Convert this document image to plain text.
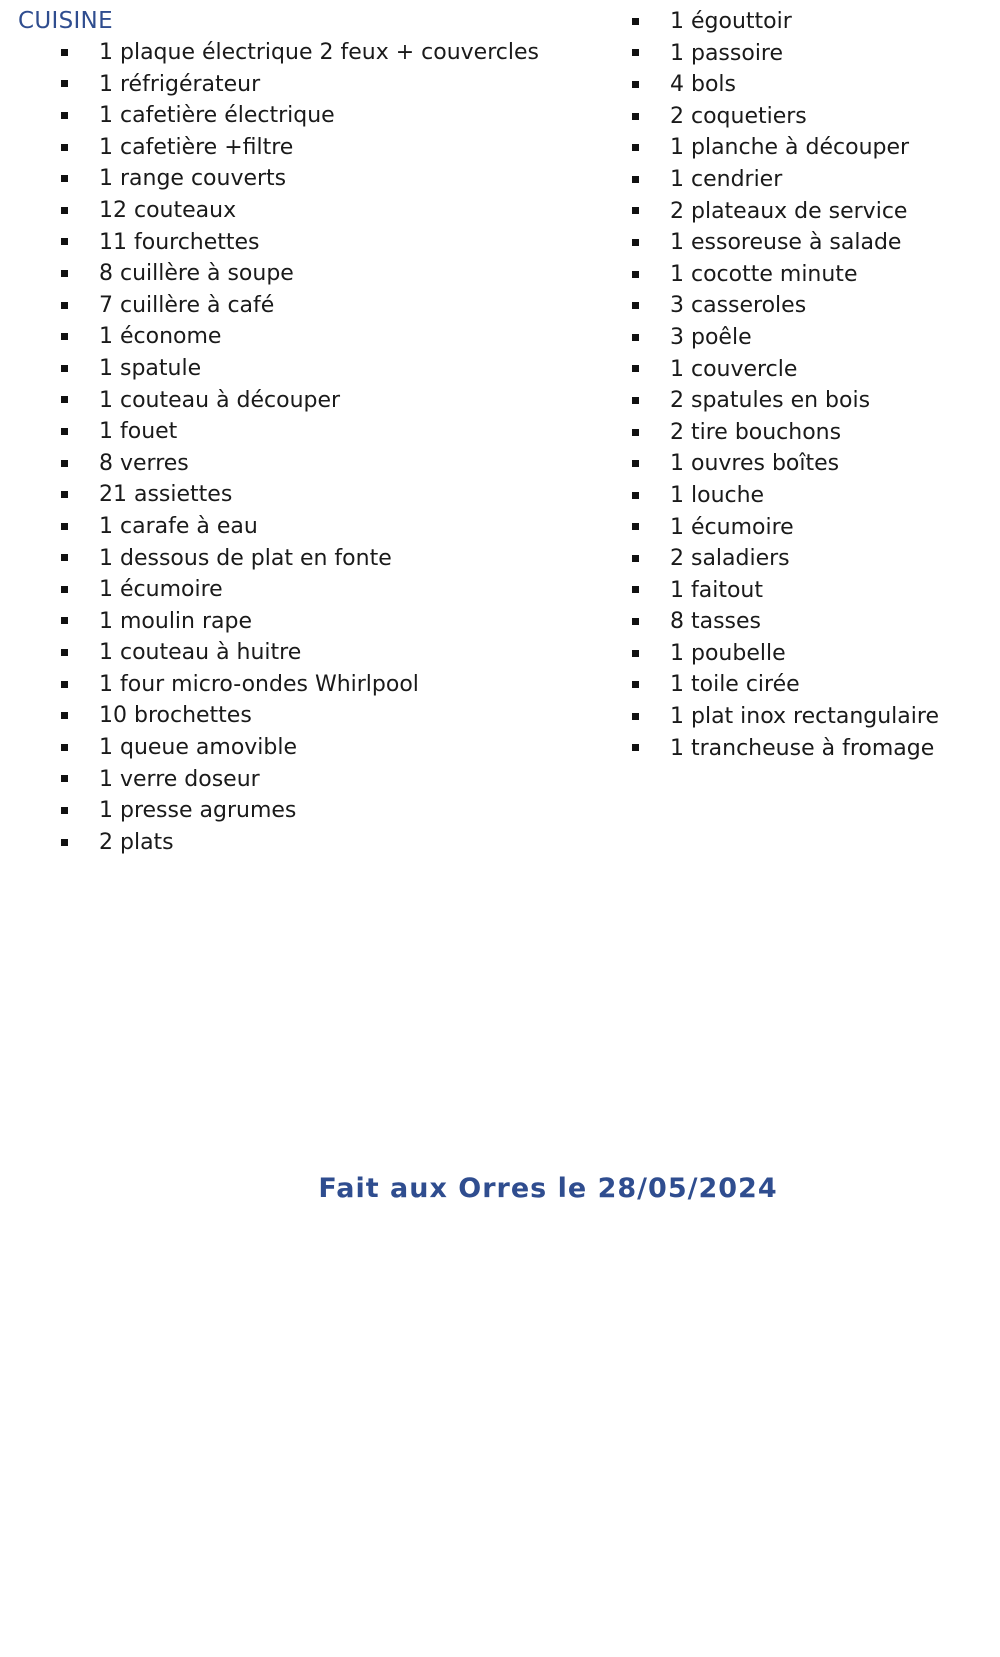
CUISINE
1 plaque électrique 2 feux + couvercles
1 réfrigérateur
1 cafetière électrique
1 cafetière +filtre
1 range couverts
12 couteaux
11 fourchettes
8 cuillère à soupe
7 cuillère à café
1 économe
1 spatule
1 couteau à découper
1 fouet
8 verres
21 assiettes
1 carafe à eau
1 dessous de plat en fonte
1 écumoire
1 moulin rape
1 couteau à huitre
1 four micro-ondes Whirlpool
10 brochettes
1 queue amovible
1 verre doseur
1 presse agrumes
2 plats
1 égouttoir
1 passoire
4 bols
2 coquetiers
1 planche à découper
1 cendrier
2 plateaux de service
1 essoreuse à salade
1 cocotte minute
3 casseroles
3 poêle
1 couvercle
2 spatules en bois
2 tire bouchons
1 ouvres boîtes
1 louche
1 écumoire
2 saladiers
1 faitout
8 tasses
1 poubelle
1 toile cirée
1 plat inox rectangulaire
1 trancheuse à fromage
Fait aux Orres le 28/05/2024
